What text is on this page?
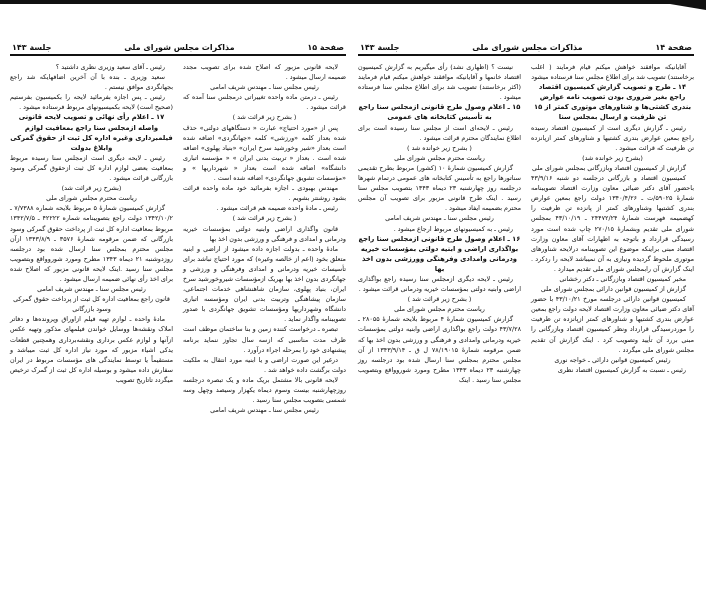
صفحة ۱۵
مذاکرات مجلس شورای ملی
جلسة ۱۴۳

لایحه قانونی مزبور که اصلاح شده برای تصویب مجدد ضمیمه ارسال میشود .

رئیس مجلس سنا ـ مهندس شریف امامی

رئیس ـ درمتن ماده واحده تغییراتی درمجلس سنا آمده که قرائت میشود .

( بشرح زیر قرائت شد )

پس از «مورد احتیاج» عبارت « دستگاههای دولتی» حذف شده بعداز کلمه «ورزشی» کلمه «جهانگردی» اضافه شده است بعداز «شیر وخورشید سرخ ایران» «بنیاد پهلوی» اضافه شده است . بعداز « تربیت بدنی ایران » « مؤسسه اتباری دانشگاه» اضافه شده است بعداز « شهرداریها » و «مؤسسات تشویق جهانگردی» اضافه شده است .

مهندس بهبودی ـ اجازه بفرمائید خود ماده واحده قرائت بشود روشنتر بشویم .

رئیس ـ مادهٔ واحده ضمیمه هم قرائت میشود .

( بشرح زیر قرائت شد )

قانون واگذاری اراضی وابنیه دولتی بمؤسسات خیریه ودرمانی و امدادی و فرهنگی و ورزشی بدون اخذ بها

مادهٔ واحده ـ بدولت اجازه داده میشود از اراضی و ابنیه متعلق بخود (اعم از خالصه وغیره) که مورد احتیاج نباشد برای تأسیسات خیریه ودرمانی و امدادی وفرهنگی و ورزشی و جهانگردی بدون اخذ بها بهریک ازمؤسسات شیروخورشید سرخ ایران، بنیاد پهلوی، سازمان شاهنشاهی خدمات اجتماعی، سازمان پیشاهنگی وتربیت بدنی ایران ومؤسسه اتباری دانشگاه وشهرداریها ومؤسسات تشویق جهانگردی با صدور تصویبنامه واگذار نماید .

تبصره ـ درخواست کننده زمین و بنا ساختمان موظف است ظرف مدت مناسبی که ازسه سال تجاوز ننماید برنامه پیشنهادی خود را بمرحله اجراء درآورد .

درغیر این صورت اراضی و یا ابنیه مورد انتقال به ملکیت دولت برگشت داده خواهد شد .

لایحه قانونی بالا مشتمل بریک ماده و یک تبصره درجلسه روزچهارشنبه بیست وسوم دیماه یکهزار وسیصد وچهل وسه شمسی بتصویب مجلس سنا رسید .

رئیس مجلس سنا ـ مهندس شریف امامی

رئیس ـ آقای سعید وزیری نظری داشتید ؟

سعید وزیری ـ بنده با آن آخرین اضافهایکه شد راجع بجهانگردی موافق نیستم .

رئیس ـ پس اجازه بفرمائید لایحه را بکمیسیون بفرستیم (صحیح است) لایحه بکمیسیونهای مربوط فرستاده میشود .

۱۷ ـ اعلام رأی نهائی و تصویب لایحه قانونی واصله ازمجلس سنا راجع بمعافیت لوازم فیلمبرداری وغیره اداره کل ثبت از حقوق گمرکی وابلاغ بدولت

رئیس ـ لایحه دیگری است ازمجلس سنا رسیده مربوط بمعافیت بعضی لوازم اداره کل ثبت ازحقوق گمرکی وسود بازرگانی قرائت میشود .

(بشرح زیر قرائت شد)

ریاست محترم مجلس شورای ملی

گزارش کمیسیون شمارهٔ ۵ مربوط بلایحه شماره ۷/۷۳۸۸ ـ ۱۳۴۲/۱۰/۲ دولت راجع بتصویبنامه شماره ۴۲۲۲۲ ـ ۱۳۴۲/۷/۵ مربوط بمعافیت اداره کل ثبت از پرداخت حقوق گمرکی وسود بازرگانی که ضمن مرقومه شمارهٔ ۳۵۷۶ ـ ۱۳۴۳/۸/۹ ازآن مجلس محترم بمجلس سنا ارسال شده بود درجلسه روزدوشنبه ۲۱ دیماه ۱۳۴۳ مطرح ومورد شوروواقع وبتصویب مجلس سنا رسید .اینک لایحه قانونی مزبور که اصلاح شده برای اخذ رأی نهائی ضمیمه ارسال میشود .

رئیس مجلس سنا ـ مهندس شریف امامی

قانون راجع بمعافیت اداره کل ثبت از پرداخت حقوق گمرکی وسود بازرگانی

مادهٔ واحده ـ لوازم تهیه فیلم ازاوراق وپرونده‌ها و دفاتر املاک ونقشه‌ها ووسایل خواندن فیلمهای مذکور وتهیه عکس ازآنها و لوازم عکس برداری ونقشه‌برداری وهمچنین قطعات یدکی اشیاء مزبور که مورد نیاز اداره کل ثبت میباشد و مستقیماً یا توسط نمایندگی های مؤسسات مربوط در ایران سفارش داده میشود و بوسیله اداره کل ثبت از گمرک ترخیص میگردد تاتاریخ تصویب

صفحة ۱۴
مذاکرات مجلس شورای ملی
جلسة ۱۴۳

آقایانیکه موافقند خواهش میکنم قیام فرمایند ( اغلب برخاستند) تصویب شد برای اطلاع مجلس سنا فرستاده میشود

۱۴ ـ طرح و تصویب گزارش کمیسیون اقتصاد راجع بغیر ضروری بودن تصویب نامه عوارض بندری کشتی‌ها و شناورهای موتوری کمتر از ۱۵ تن ظرفیت و ارسال بمجلس سنا

رئیس ـ گزارش دیگری است از کمیسیون اقتصاد رسیده راجع بمعین عوارض بندری کشتیها و شناورهای کمتر ازپانزده تن ظرفیت که قرائت میشود .

(بشرح زیر خوانده شد)

گزارش از کمیسیون اقتصاد وبازرگانی بمجلس شورای ملی

کمیسیون اقتصاد و بازرگانی درجلسه دو شنبه ۴۳/۹/۱۶ باحضور آقای دکتر ضیائی معاون وزارت اقتصاد تصویبنامه شمارهٔ ۵۹۰۲۵/ت ـ ۱۳۴۰/۴/۲۶ دولت راجع بمعین عوارض بندری کشتیها وشناورهای کمتر از پانزده تن ظرفیت را کهضمیمه فهرست شمارهٔ ۲۴۴۷۲/۲۴ ـ ۴۳/۱۰/۱۹ بمجلس شورای ملی تقدیم وبشمارهٔ ۲۷۰/۱۵ چاپ شده است مورد رسیدگی قرارداد و باتوجه به اظهارات آقای معاون وزارت اقتصاد مبنی براینکه موضوع این تصویبنامه درلایحه شناورهای موتوری ملحوظ گردیده ونیازی به آن نمیباشد لایحه را ردکرد . اینک گزارش آن رابمجلس شورای ملی تقدیم میدارد .

مخبر کمیسیون اقتصاد وبازرگانی ـ دکتر رخشانی

گزارش از کمیسیون قوانین دارائی بمجلس شورای ملی

کمیسیون قوانین دارائی درجلسه مورخ ۴۳/۱۰/۲۱ با حضور آقای دکتر ضیائی معاون وزارت اقتصاد لایحه دولت راجع بمعین عوارض بندری کشتیها و شناورهای کمتر ازپانزده تن ظرفیت را موردرسیدگی قرارداد ونظر کمیسیون اقتصاد وبازرگانی را مبنی بررد آن تأیید وتصویب کرد . اینک گزارش آن تقدیم مجلس شورای ملی میگردد .

رئیس کمیسیون قوانین دارائی ـ خواجه نوری

رئیس ـ نسبت به گزارش کمیسیون اقتصاد نظری

نیست ؟ (اظهاری نشد) رأی میگیریم به گزارش کمیسیون اقتصاد خانمها و آقایانیکه موافقند خواهش میکنم قیام فرمایند (اکثر برخاستند) تصویب شد برای اطلاع مجلس سنا فرستاده میشود .

۱۵ ـ اعلام وصول طرح قانونی ازمجلس سنا راجع به تأسیس کتابخانه های عمومی

رئیس ـ لایحه‌ای است از مجلس سنا رسیده است برای اطلاع نمایندگان محترم قرائت میشود .

( بشرح زیر خوانده شد )

ریاست محترم مجلس شورای ملی

گزارش کمیسیون شمارهٔ ۱۰ (کشور) مربوط بطرح تقدیمی سناتورها راجع به تأسیس کتابخانه های عمومی درتمام شهرها درجلسه روز چهارشنبه ۲۳ دیماه ۱۳۴۳ بتصویب مجلس سنا رسید . اینک طرح قانونی مزبور برای تصویب آن مجلس محترم بضمیمه ایفاد میشود .

رئیس مجلس سنا ـ مهندس شریف امامی

رئیس ـ به کمیسیونهای مربوط ارجاع میشود .

۱۶ ـ اعلام وصول طرح قانونی ازمجلس سنا راجع بواگذاری اراضی و ابنیه دولتی بمؤسسات خیریه ودرمانی وامدادی وفرهنگی وورزشی بدون اخذ بها

رئیس ـ لایحه دیگری ازمجلس سنا رسیده راجع بواگذاری اراضی وابنیه دولتی بمؤسسات خیریه ودرمانی قرائت میشود .

( بشرح زیر قرائت شد )

ریاست محترم مجلس شورای ملی

گزارش کمیسیون شمارهٔ ۴ مربوط بلایحه شمارهٔ ۲۸۰۵۵ ـ ۴۳/۷/۲۸ دولت راجع بواگذاری اراضی وابنیه دولتی بمؤسسات خیریه ودرمانی وامدادی و فرهنگی و ورزشی بدون اخذ بها که ضمن مرقومه شمارهٔ ۷۸/۱۹۰۱۵ ل ق ـ ۱۳۴۳/۹/۱۴ از آن مجلس محترم بمجلس سنا ارسال شده بود درجلسه روز چهارشنبه ۲۳ دیماه ۱۳۴۳ مطرح ومورد شوروواقع وبتصویب مجلس سنا رسید . اینک
